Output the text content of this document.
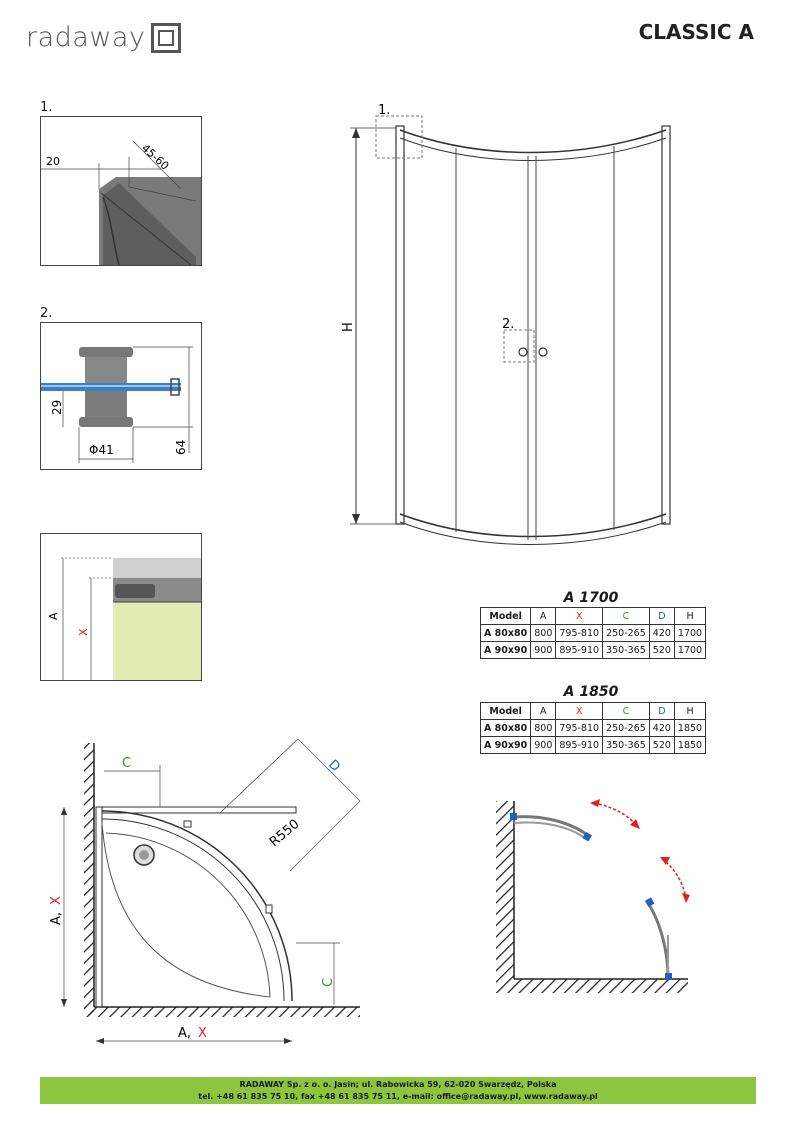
radaway	CLASSIC A
1.
20	45-60
2.
29
64
Φ41
A
X
H
1.
2.
A 1700
Model	A	X	C	D	H
A 80x80	800	795-810	250-265	420	1700
A 90x90	900	895-910	350-365	520	1700
A 1850
Model	A	X	C	D	H
A 80x80	800	795-810	250-265	420	1850
A 90x90	900	895-910	350-365	520	1850
C	D
R550
A,
X
A, X
C
RADAWAY Sp. z o. o. Jasin; ul. Rabowicka 59, 62-020 Swarzędz, Polska
tel. +48 61 835 75 10, fax +48 61 835 75 11, e-mail: office@radaway.pl, www.radaway.pl
